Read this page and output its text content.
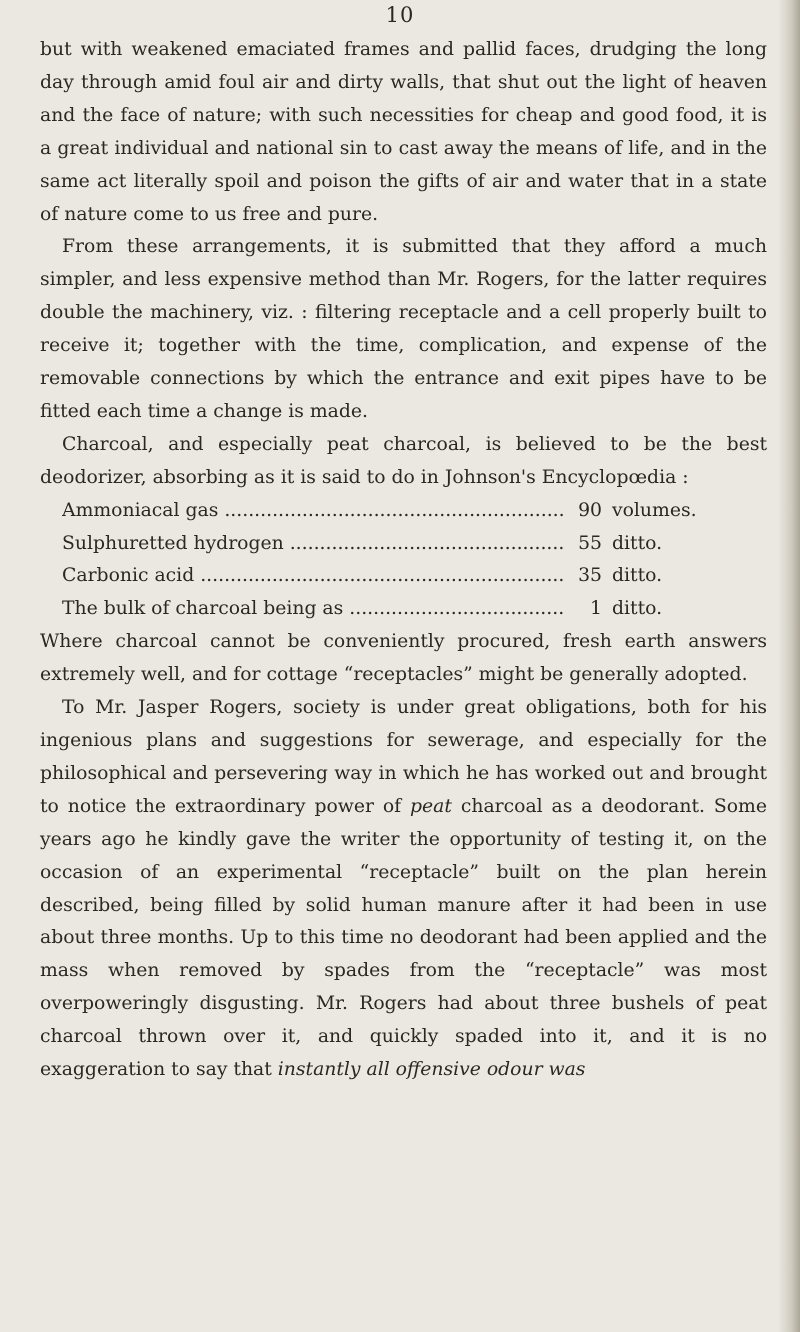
10

but with weakened emaciated frames and pallid faces, drudging the long day through amid foul air and dirty walls, that shut out the light of heaven and the face of nature; with such necessities for cheap and good food, it is a great individual and national sin to cast away the means of life, and in the same act literally spoil and poison the gifts of air and water that in a state of nature come to us free and pure.

From these arrangements, it is submitted that they afford a much simpler, and less expensive method than Mr. Rogers, for the latter requires double the machinery, viz. : filtering receptacle and a cell properly built to receive it; together with the time, complication, and expense of the removable connections by which the entrance and exit pipes have to be fitted each time a change is made.

Charcoal, and especially peat charcoal, is believed to be the best deodorizer, absorbing as it is said to do in Johnson's Encyclopœdia :

Ammoniacal gas .....	90 volumes.
Sulphuretted hydrogen .....	55 ditto.
Carbonic acid .....	35 ditto.
The bulk of charcoal being as .....	1 ditto.

Where charcoal cannot be conveniently procured, fresh earth answers extremely well, and for cottage “receptacles” might be generally adopted.

To Mr. Jasper Rogers, society is under great obligations, both for his ingenious plans and suggestions for sewerage, and especially for the philosophical and persevering way in which he has worked out and brought to notice the extraordinary power of peat charcoal as a deodorant. Some years ago he kindly gave the writer the opportunity of testing it, on the occasion of an experimental “receptacle” built on the plan herein described, being filled by solid human manure after it had been in use about three months. Up to this time no deodorant had been applied and the mass when removed by spades from the “receptacle” was most overpoweringly disgusting. Mr. Rogers had about three bushels of peat charcoal thrown over it, and quickly spaded into it, and it is no exaggeration to say that instantly all offensive odour was
